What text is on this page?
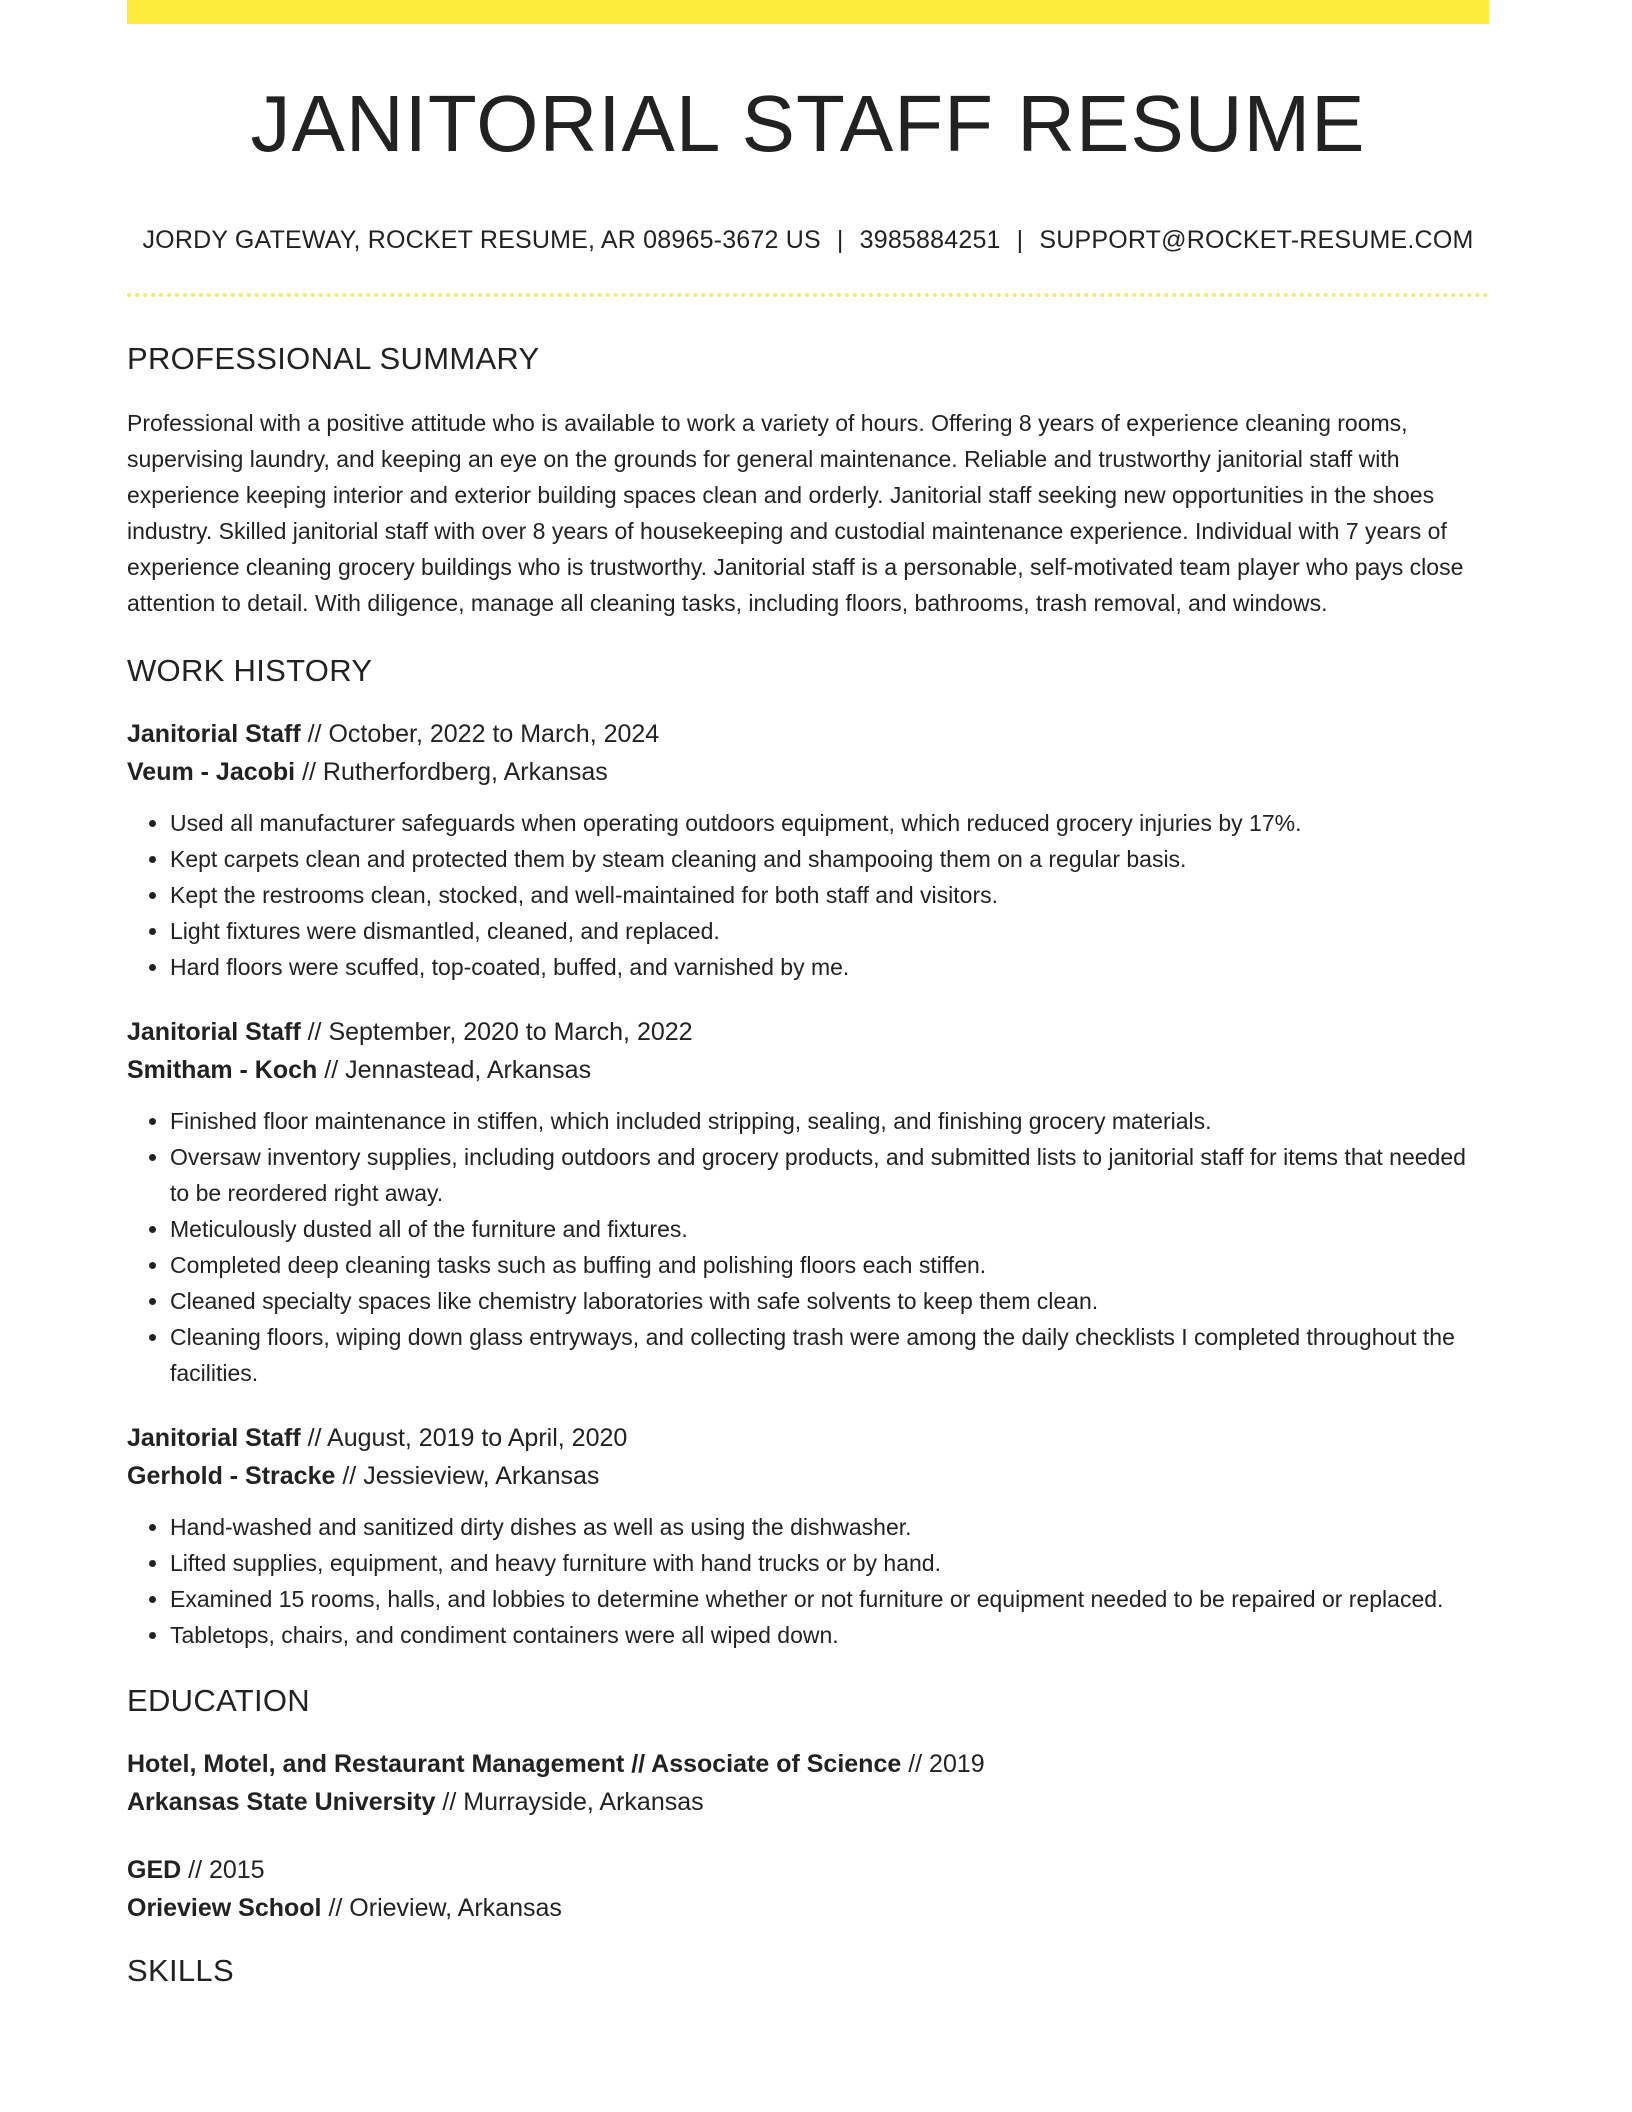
JANITORIAL STAFF RESUME
JORDY GATEWAY, ROCKET RESUME, AR 08965-3672 US | 3985884251 | SUPPORT@ROCKET-RESUME.COM
PROFESSIONAL SUMMARY
Professional with a positive attitude who is available to work a variety of hours. Offering 8 years of experience cleaning rooms, supervising laundry, and keeping an eye on the grounds for general maintenance. Reliable and trustworthy janitorial staff with experience keeping interior and exterior building spaces clean and orderly. Janitorial staff seeking new opportunities in the shoes industry. Skilled janitorial staff with over 8 years of housekeeping and custodial maintenance experience. Individual with 7 years of experience cleaning grocery buildings who is trustworthy. Janitorial staff is a personable, self-motivated team player who pays close attention to detail. With diligence, manage all cleaning tasks, including floors, bathrooms, trash removal, and windows.
WORK HISTORY
Janitorial Staff // October, 2022 to March, 2024
Veum - Jacobi // Rutherfordberg, Arkansas
• Used all manufacturer safeguards when operating outdoors equipment, which reduced grocery injuries by 17%.
• Kept carpets clean and protected them by steam cleaning and shampooing them on a regular basis.
• Kept the restrooms clean, stocked, and well-maintained for both staff and visitors.
• Light fixtures were dismantled, cleaned, and replaced.
• Hard floors were scuffed, top-coated, buffed, and varnished by me.
Janitorial Staff // September, 2020 to March, 2022
Smitham - Koch // Jennastead, Arkansas
• Finished floor maintenance in stiffen, which included stripping, sealing, and finishing grocery materials.
• Oversaw inventory supplies, including outdoors and grocery products, and submitted lists to janitorial staff for items that needed to be reordered right away.
• Meticulously dusted all of the furniture and fixtures.
• Completed deep cleaning tasks such as buffing and polishing floors each stiffen.
• Cleaned specialty spaces like chemistry laboratories with safe solvents to keep them clean.
• Cleaning floors, wiping down glass entryways, and collecting trash were among the daily checklists I completed throughout the facilities.
Janitorial Staff // August, 2019 to April, 2020
Gerhold - Stracke // Jessieview, Arkansas
• Hand-washed and sanitized dirty dishes as well as using the dishwasher.
• Lifted supplies, equipment, and heavy furniture with hand trucks or by hand.
• Examined 15 rooms, halls, and lobbies to determine whether or not furniture or equipment needed to be repaired or replaced.
• Tabletops, chairs, and condiment containers were all wiped down.
EDUCATION
Hotel, Motel, and Restaurant Management // Associate of Science // 2019
Arkansas State University // Murrayside, Arkansas
GED // 2015
Orieview School // Orieview, Arkansas
SKILLS
